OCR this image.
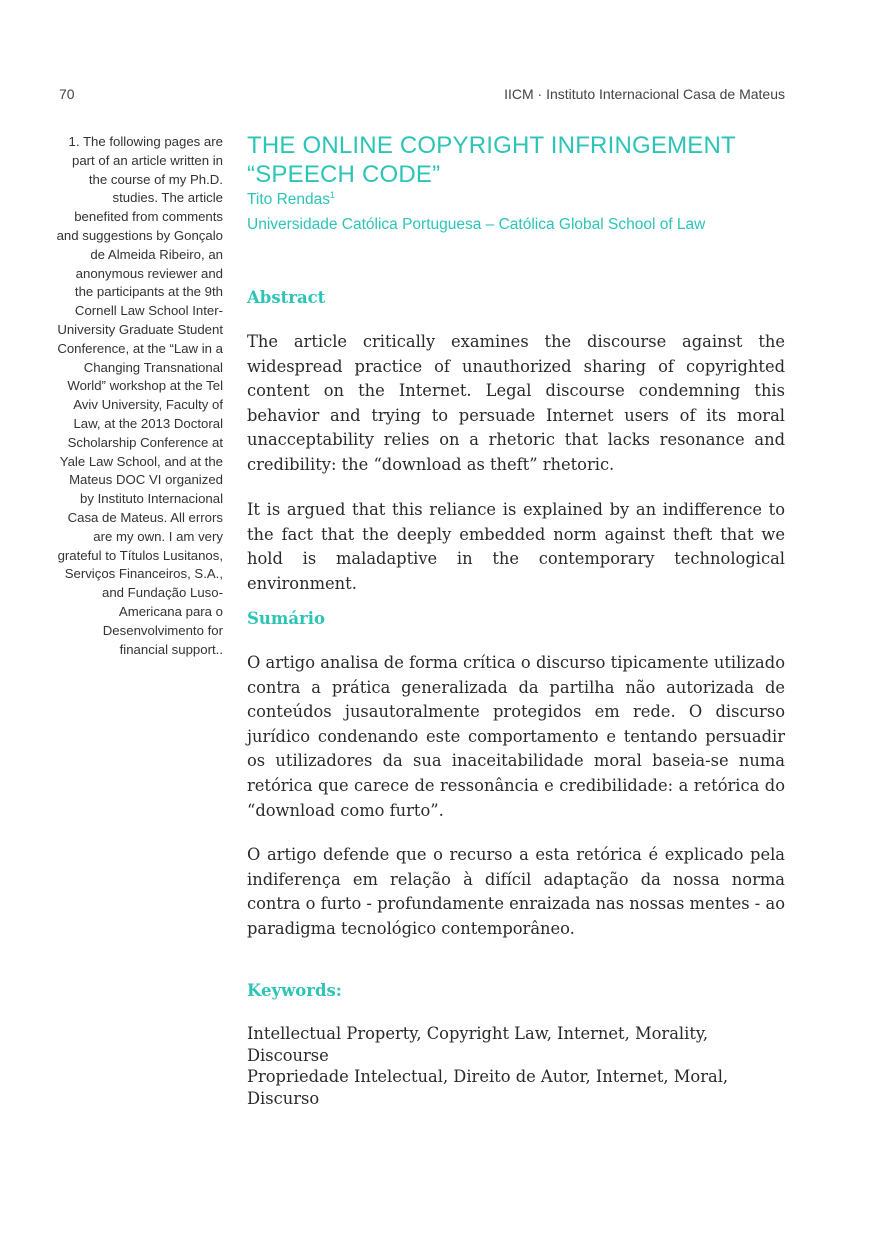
70	IICM · Instituto Internacional Casa de Mateus
1. The following pages are part of an article written in the course of my Ph.D. studies. The article benefited from comments and suggestions by Gonçalo de Almeida Ribeiro, an anonymous reviewer and the participants at the 9th Cornell Law School Inter-University Graduate Student Conference, at the “Law in a Changing Transnational World” workshop at the Tel Aviv University, Faculty of Law, at the 2013 Doctoral Scholarship Conference at Yale Law School, and at the Mateus DOC VI organized by Instituto Internacional Casa de Mateus. All errors are my own. I am very grateful to Títulos Lusitanos, Serviços Financeiros, S.A., and Fundação Luso-Americana para o Desenvolvimento for financial support..
THE ONLINE COPYRIGHT INFRINGEMENT “SPEECH CODE”
Tito Rendas$^1$
Universidade Católica Portuguesa – Católica Global School of Law
Abstract

The article critically examines the discourse against the widespread practice of unauthorized sharing of copyrighted content on the Internet. Legal discourse condemning this behavior and trying to persuade Internet users of its moral unacceptability relies on a rhetoric that lacks resonance and credibility: the “download as theft” rhetoric.

It is argued that this reliance is explained by an indifference to the fact that the deeply embedded norm against theft that we hold is maladaptive in the contemporary technological environment.

Sumário

O artigo analisa de forma crítica o discurso tipicamente utilizado contra a prática generalizada da partilha não autorizada de conteúdos jusautoralmente protegidos em rede. O discurso jurídico condenando este comportamento e tentando persuadir os utilizadores da sua inaceitabilidade moral baseia-se numa retórica que carece de ressonância e credibilidade: a retórica do “download como furto”.

O artigo defende que o recurso a esta retórica é explicado pela indiferença em relação à difícil adaptação da nossa norma contra o furto - profundamente enraizada nas nossas mentes - ao paradigma tecnológico contemporâneo.

Keywords:

Intellectual Property, Copyright Law, Internet, Morality, Discourse

Propriedade Intelectual, Direito de Autor, Internet, Moral, Discurso
